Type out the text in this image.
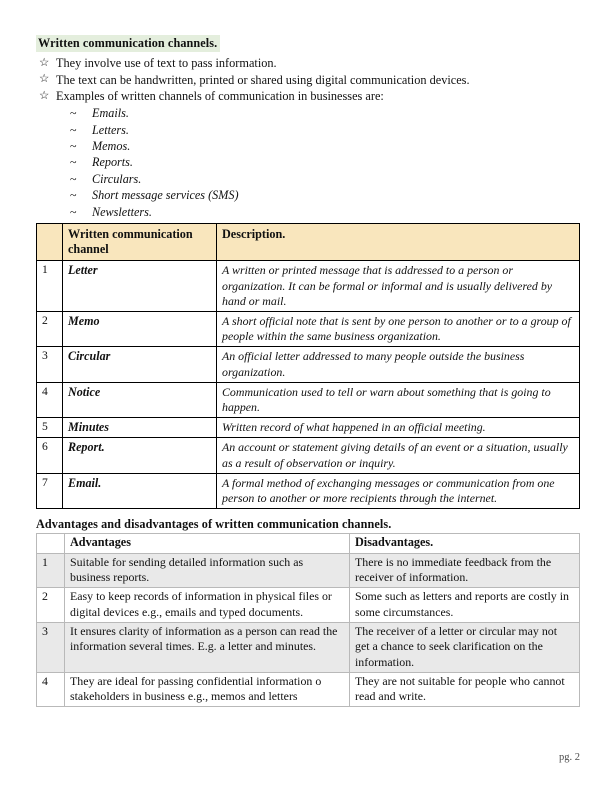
Written communication channels.
☆ They involve use of text to pass information.
☆ The text can be handwritten, printed or shared using digital communication devices.
☆ Examples of written channels of communication in businesses are:
~ Emails.
~ Letters.
~ Memos.
~ Reports.
~ Circulars.
~ Short message services (SMS)
~ Newsletters.
	Written communication channel	Description.
1	Letter	A written or printed message that is addressed to a person or organization. It can be formal or informal and is usually delivered by hand or mail.
2	Memo	A short official note that is sent by one person to another or to a group of people within the same business organization.
3	Circular	An official letter addressed to many people outside the business organization.
4	Notice	Communication used to tell or warn about something that is going to happen.
5	Minutes	Written record of what happened in an official meeting.
6	Report.	An account or statement giving details of an event or a situation, usually as a result of observation or inquiry.
7	Email.	A formal method of exchanging messages or communication from one person to another or more recipients through the internet.
Advantages and disadvantages of written communication channels.
	Advantages	Disadvantages.
1	Suitable for sending detailed information such as business reports.	There is no immediate feedback from the receiver of information.
2	Easy to keep records of information in physical files or digital devices e.g., emails and typed documents.	Some such as letters and reports are costly in some circumstances.
3	It ensures clarity of information as a person can read the information several times. E.g. a letter and minutes.	The receiver of a letter or circular may not get a chance to seek clarification on the information.
4	They are ideal for passing confidential information o stakeholders in business e.g., memos and letters	They are not suitable for people who cannot read and write.
pg. 2
